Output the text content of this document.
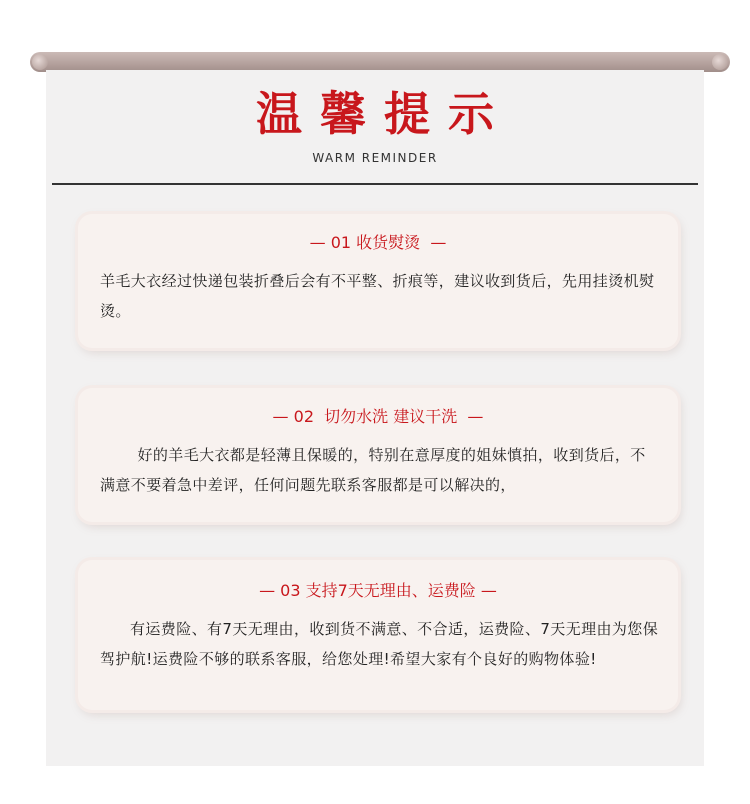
温馨提示
WARM REMINDER
— 01 收货熨烫  —
羊毛大衣经过快递包装折叠后会有不平整、折痕等，建议收到货后，先用挂烫机熨烫。
— 02  切勿水洗 建议干洗  —
好的羊毛大衣都是轻薄且保暖的，特别在意厚度的姐妹慎拍，收到货后，不满意不要着急中差评，任何问题先联系客服都是可以解决的，
— 03 支持7天无理由、运费险 —
有运费险、有7天无理由，收到货不满意、不合适，运费险、7天无理由为您保驾护航!运费险不够的联系客服，给您处理!希望大家有个良好的购物体验!
